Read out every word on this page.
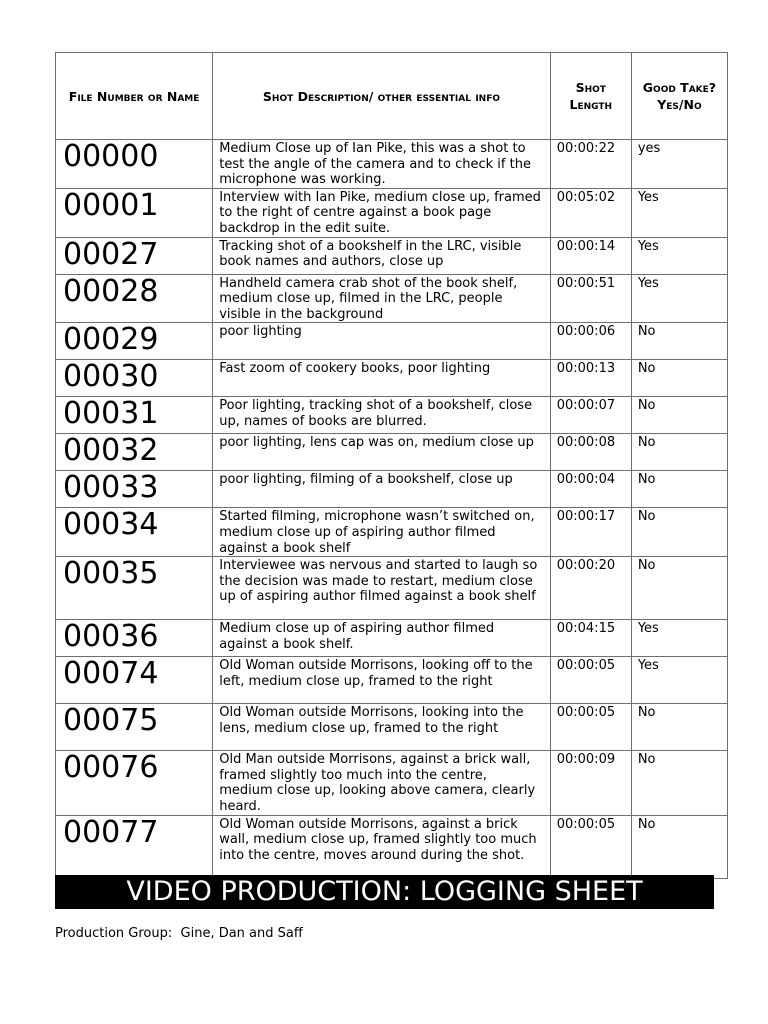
File Number or Name	Shot Description/ other essential info	Shot Length	Good Take? Yes/No
00000	Medium Close up of Ian Pike, this was a shot to test the angle of the camera and to check if the microphone was working.	00:00:22	yes
00001	Interview with Ian Pike, medium close up, framed to the right of centre against a book page backdrop in the edit suite.	00:05:02	Yes
00027	Tracking shot of a bookshelf in the LRC, visible book names and authors, close up	00:00:14	Yes
00028	Handheld camera crab shot of the book shelf, medium close up, filmed in the LRC, people visible in the background	00:00:51	Yes
00029	poor lighting	00:00:06	No
00030	Fast zoom of cookery books, poor lighting	00:00:13	No
00031	Poor lighting, tracking shot of a bookshelf, close up, names of books are blurred.	00:00:07	No
00032	poor lighting, lens cap was on, medium close up	00:00:08	No
00033	poor lighting, filming of a bookshelf, close up	00:00:04	No
00034	Started filming, microphone wasn’t switched on, medium close up of aspiring author filmed against a book shelf	00:00:17	No
00035	Interviewee was nervous and started to laugh so the decision was made to restart, medium close up of aspiring author filmed against a book shelf	00:00:20	No
00036	Medium close up of aspiring author filmed against a book shelf.	00:04:15	Yes
00074	Old Woman outside Morrisons, looking off to the left, medium close up, framed to the right	00:00:05	Yes
00075	Old Woman outside Morrisons, looking into the lens, medium close up, framed to the right	00:00:05	No
00076	Old Man outside Morrisons, against a brick wall, framed slightly too much into the centre, medium close up, looking above camera, clearly heard.	00:00:09	No
00077	Old Woman outside Morrisons, against a brick wall, medium close up, framed slightly too much into the centre, moves around during the shot.	00:00:05	No
VIDEO PRODUCTION: LOGGING SHEET
Production Group:  Gine, Dan and Saff
